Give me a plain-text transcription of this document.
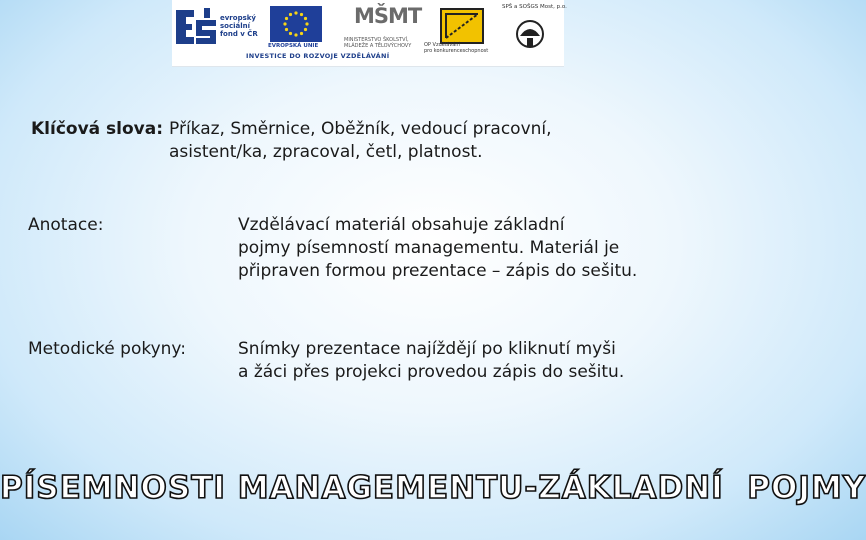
evropský
sociální
fond v ČR
EVROPSKÁ UNIE
MŠMT
MINISTERSTVO ŠKOLSTVÍ,
MLÁDEŽE A TĚLOVÝCHOVY	OP Vzdělávání
pro konkurenceschopnost
SPŠ a SOŠGS Most, p.o.
INVESTICE DO ROZVOJE VZDĚLÁVÁNÍ
Klíčová slova: Příkaz, Směrnice, Oběžník, vedoucí pracovní,
asistent/ka, zpracoval, četl, platnost.
Anotace:	Vzdělávací materiál obsahuje základní
pojmy písemností managementu. Materiál je
připraven formou prezentace – zápis do sešitu.
Metodické pokyny:	Snímky prezentace najíždějí po kliknutí myši
a žáci přes projekci provedou zápis do sešitu.
PÍSEMNOSTI MANAGEMENTU-ZÁKLADNÍ  POJMY
